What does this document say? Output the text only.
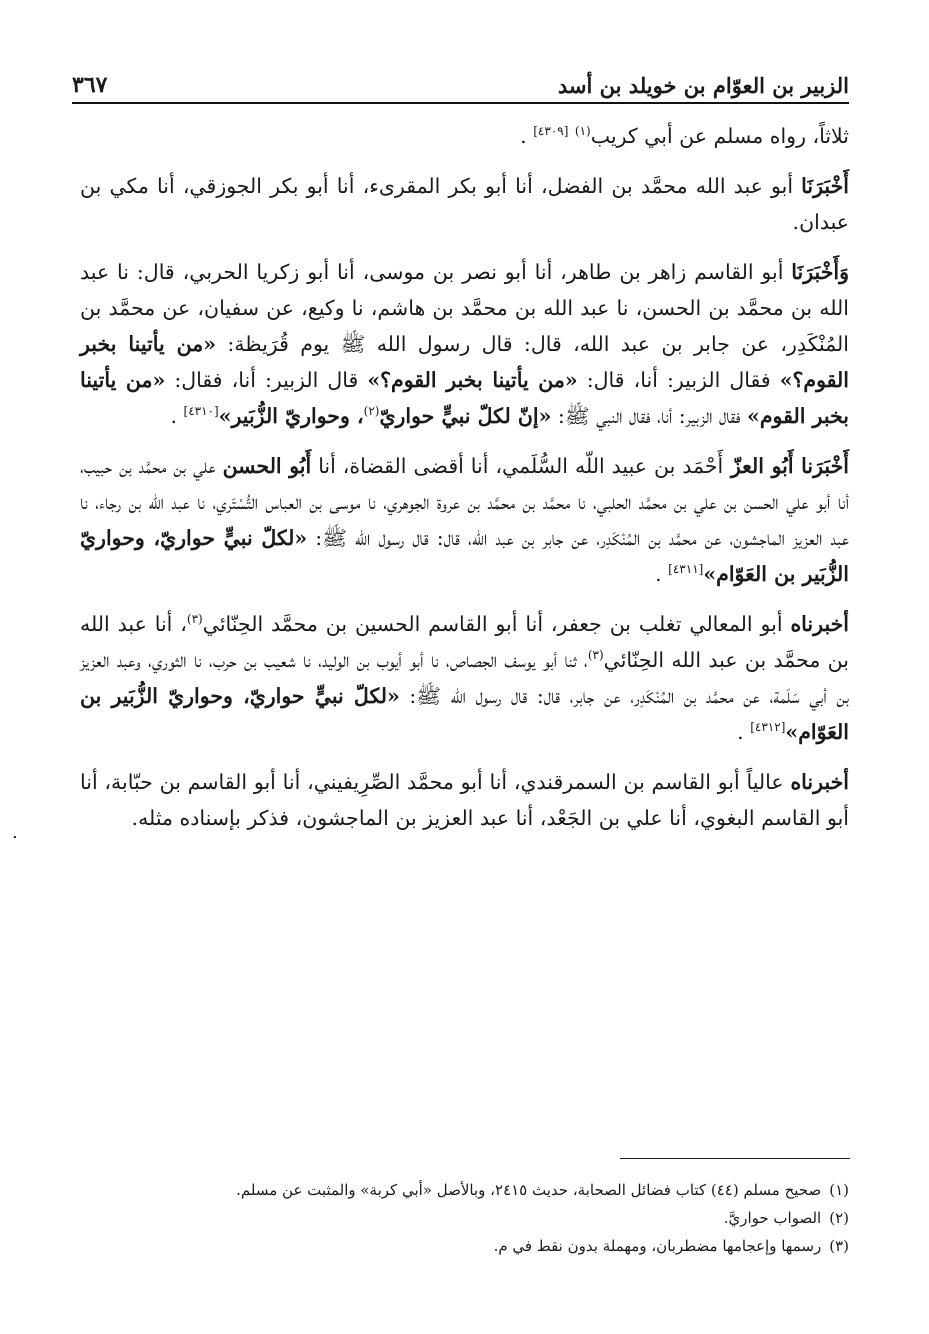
الزبير بن العوّام بن خويلد بن أسد
٣٦٧

ثلاثاً، رواه مسلم عن أبي كريب$^{(١)}$ [٤٣٠٩] .

أَخْبَرَنَا أبو عبد الله محمَّد بن الفضل، أنا أبو بكر المقرىء، أنا أبو بكر الجوزقي، أنا مكي بن عبدان.

وَأَخْبَرَنَا أبو القاسم زاهر بن طاهر، أنا أبو نصر بن موسى، أنا أبو زكريا الحربي، قال: نا عبد الله بن محمَّد بن الحسن، نا عبد الله بن محمَّد بن هاشم، نا وكيع، عن سفيان، عن محمَّد بن المُنْكَدِر، عن جابر بن عبد الله، قال: قال رسول الله ﷺ يوم قُرَيظة: «من يأتينا بخبر القوم؟» فقال الزبير: أنا، قال: «من يأتينا بخبر القوم؟» قال الزبير: أنا، فقال: «من يأتينا بخبر القوم» فقال الزبير: أنا، فقال النبي ﷺ: «إنّ لكلّ نبيٍّ حواريّ$^{(٢)}$، وحواريّ الزُّبَير»[٤٣١٠] .

أَخْبَرَنا أَبُو العزّ أَحْمَد بن عبيد اللّه السُّلَمي، أنا أقضى القضاة، أنا أَبُو الحسن علي بن محمَّد بن حبيب، أنا أبو علي الحسن بن علي بن محمَّد الحلبي، نا محمَّد بن محمَّد بن عروة الجوهري، نا موسى بن العباس التُّسْتَري، نا عبد الله بن رجاء، نا عبد العزيز الماجشون، عن محمَّد بن المُنْكَدِر، عن جابر بن عبد الله، قال: قال رسول الله ﷺ: «لكلّ نبيٍّ حواريّ، وحواريّ الزُّبَير بن العَوّام»[٤٣١١] .

أخبرناه أبو المعالي تغلب بن جعفر، أنا أبو القاسم الحسين بن محمَّد الحِنّائي$^{(٣)}$، أنا عبد الله بن محمَّد بن عبد الله الحِنّائي$^{(٣)}$، ثنا أبو يوسف الجصاص، نا أبو أيوب بن الوليد، نا شعيب بن حرب، نا الثوري، وعبد العزيز بن أبي سَلَمة، عن محمَّد بن المُنْكَدِر، عن جابر، قال: قال رسول الله ﷺ: «لكلّ نبيٍّ حواريّ، وحواريّ الزُّبَير بن العَوّام»[٤٣١٢] .

أخبرناه عالياً أبو القاسم بن السمرقندي، أنا أبو محمَّد الصِّرِيفيني، أنا أبو القاسم بن حبّابة، أنا أبو القاسم البغوي، أنا علي بن الجَعْد، أنا عبد العزيز بن الماجشون، فذكر بإسناده مثله.

(١)صحيح مسلم (٤٤) كتاب فضائل الصحابة، حديث ٢٤١٥، وبالأصل «أبي كربة» والمثبت عن مسلم.

(٢)الصواب حواريَّ.

(٣)رسمها وإعجامها مضطربان، ومهملة بدون نقط في م.

.
